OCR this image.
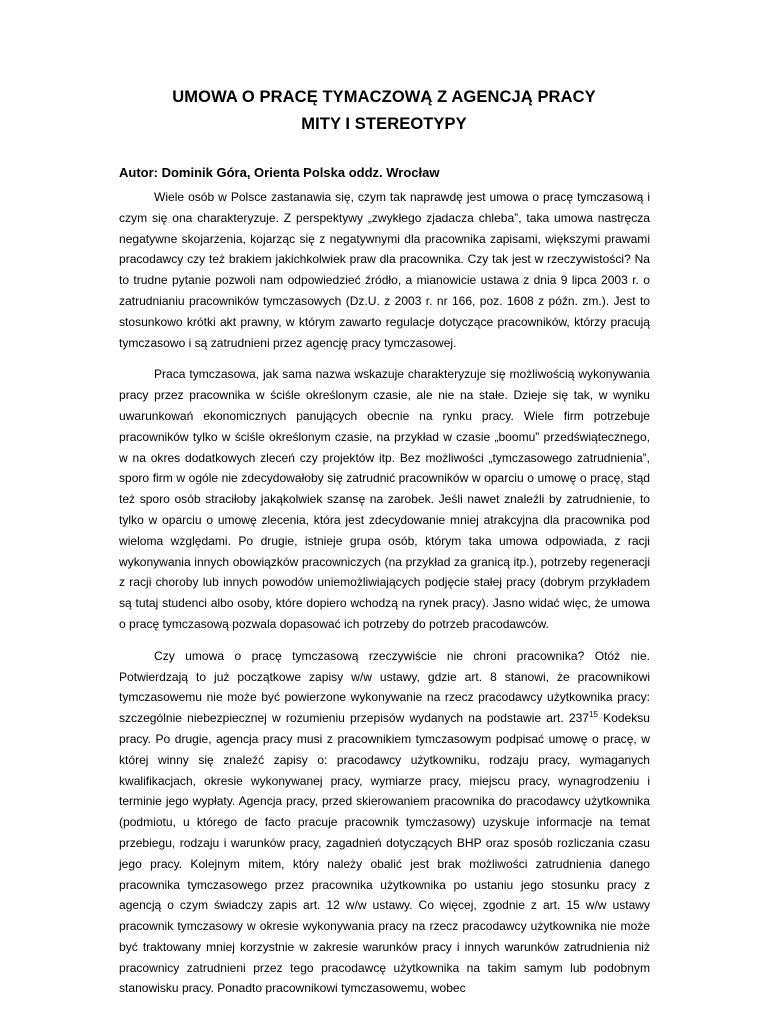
UMOWA O PRACĘ TYMACZOWĄ Z AGENCJĄ PRACY
MITY I STEREOTYPY
Autor: Dominik Góra, Orienta Polska oddz. Wrocław

Wiele osób w Polsce zastanawia się, czym tak naprawdę jest umowa o pracę tymczasową i czym się ona charakteryzuje. Z perspektywy „zwykłego zjadacza chleba”, taka umowa nastręcza negatywne skojarzenia, kojarząc się z negatywnymi dla pracownika zapisami, większymi prawami pracodawcy czy też brakiem jakichkolwiek praw dla pracownika. Czy tak jest w rzeczywistości? Na to trudne pytanie pozwoli nam odpowiedzieć źródło, a mianowicie ustawa z dnia 9 lipca 2003 r. o zatrudnianiu pracowników tymczasowych (Dz.U. z 2003 r. nr 166, poz. 1608 z późn. zm.). Jest to stosunkowo krótki akt prawny, w którym zawarto regulacje dotyczące pracowników, którzy pracują tymczasowo i są zatrudnieni przez agencję pracy tymczasowej.

Praca tymczasowa, jak sama nazwa wskazuje charakteryzuje się możliwością wykonywania pracy przez pracownika w ściśle określonym czasie, ale nie na stałe. Dzieje się tak, w wyniku uwarunkowań ekonomicznych panujących obecnie na rynku pracy. Wiele firm potrzebuje pracowników tylko w ściśle określonym czasie, na przykład w czasie „boomu” przedświątecznego, w na okres dodatkowych zleceń czy projektów itp. Bez możliwości „tymczasowego zatrudnienia”, sporo firm w ogóle nie zdecydowałoby się zatrudnić pracowników w oparciu o umowę o pracę, stąd też sporo osób straciłoby jakąkolwiek szansę na zarobek. Jeśli nawet znaleźli by zatrudnienie, to tylko w oparciu o umowę zlecenia, która jest zdecydowanie mniej atrakcyjna dla pracownika pod wieloma względami. Po drugie, istnieje grupa osób, którym taka umowa odpowiada, z racji wykonywania innych obowiązków pracowniczych (na przykład za granicą itp.), potrzeby regeneracji z racji choroby lub innych powodów uniemożliwiających podjęcie stałej pracy (dobrym przykładem są tutaj studenci albo osoby, które dopiero wchodzą na rynek pracy). Jasno widać więc, że umowa o pracę tymczasową pozwala dopasować ich potrzeby do potrzeb pracodawców.

Czy umowa o pracę tymczasową rzeczywiście nie chroni pracownika? Otóż nie. Potwierdzają to już początkowe zapisy w/w ustawy, gdzie art. 8 stanowi, że pracownikowi tymczasowemu nie może być powierzone wykonywanie na rzecz pracodawcy użytkownika pracy: szczególnie niebezpiecznej w rozumieniu przepisów wydanych na podstawie art. $237^{15}$ Kodeksu pracy. Po drugie, agencja pracy musi z pracownikiem tymczasowym podpisać umowę o pracę, w której winny się znaleźć zapisy o: pracodawcy użytkowniku, rodzaju pracy, wymaganych kwalifikacjach, okresie wykonywanej pracy, wymiarze pracy, miejscu pracy, wynagrodzeniu i terminie jego wypłaty. Agencja pracy, przed skierowaniem pracownika do pracodawcy użytkownika (podmiotu, u którego de facto pracuje pracownik tymczasowy) uzyskuje informacje na temat przebiegu, rodzaju i warunków pracy, zagadnień dotyczących BHP oraz sposób rozliczania czasu jego pracy. Kolejnym mitem, który należy obalić jest brak możliwości zatrudnienia danego pracownika tymczasowego przez pracownika użytkownika po ustaniu jego stosunku pracy z agencją o czym świadczy zapis art. 12 w/w ustawy. Co więcej, zgodnie z art. 15 w/w ustawy pracownik tymczasowy w okresie wykonywania pracy na rzecz pracodawcy użytkownika nie może być traktowany mniej korzystnie w zakresie warunków pracy i innych warunków zatrudnienia niż pracownicy zatrudnieni przez tego pracodawcę użytkownika na takim samym lub podobnym stanowisku pracy. Ponadto pracownikowi tymczasowemu, wobec
